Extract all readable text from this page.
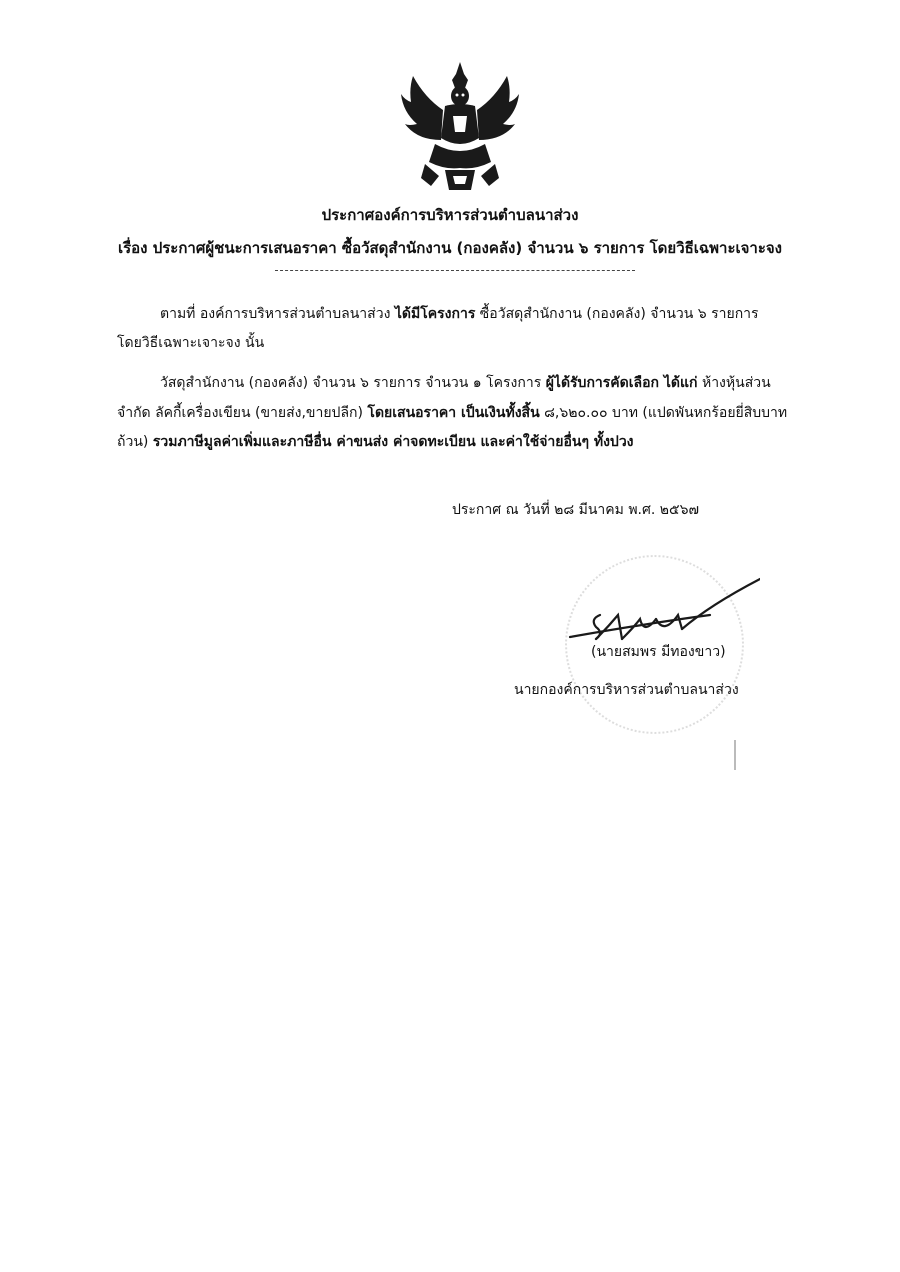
ประกาศองค์การบริหารส่วนตำบลนาส่วง
เรื่อง ประกาศผู้ชนะการเสนอราคา ซื้อวัสดุสำนักงาน (กองคลัง) จำนวน ๖ รายการ โดยวิธีเฉพาะเจาะจง
ตามที่ องค์การบริหารส่วนตำบลนาส่วง ได้มีโครงการ ซื้อวัสดุสำนักงาน (กองคลัง) จำนวน ๖ รายการ
โดยวิธีเฉพาะเจาะจง นั้น
วัสดุสำนักงาน (กองคลัง) จำนวน ๖ รายการ จำนวน ๑ โครงการ ผู้ได้รับการคัดเลือก ได้แก่ ห้างหุ้นส่วน
จำกัด ลัคกี้เครื่องเขียน (ขายส่ง,ขายปลีก) โดยเสนอราคา เป็นเงินทั้งสิ้น ๘,๖๒๐.๐๐ บาท (แปดพันหกร้อยยี่สิบบาท
ถ้วน) รวมภาษีมูลค่าเพิ่มและภาษีอื่น ค่าขนส่ง ค่าจดทะเบียน และค่าใช้จ่ายอื่นๆ ทั้งปวง
ประกาศ ณ วันที่ ๒๘ มีนาคม พ.ศ. ๒๕๖๗
(นายสมพร มีทองขาว)
นายกองค์การบริหารส่วนตำบลนาส่วง
